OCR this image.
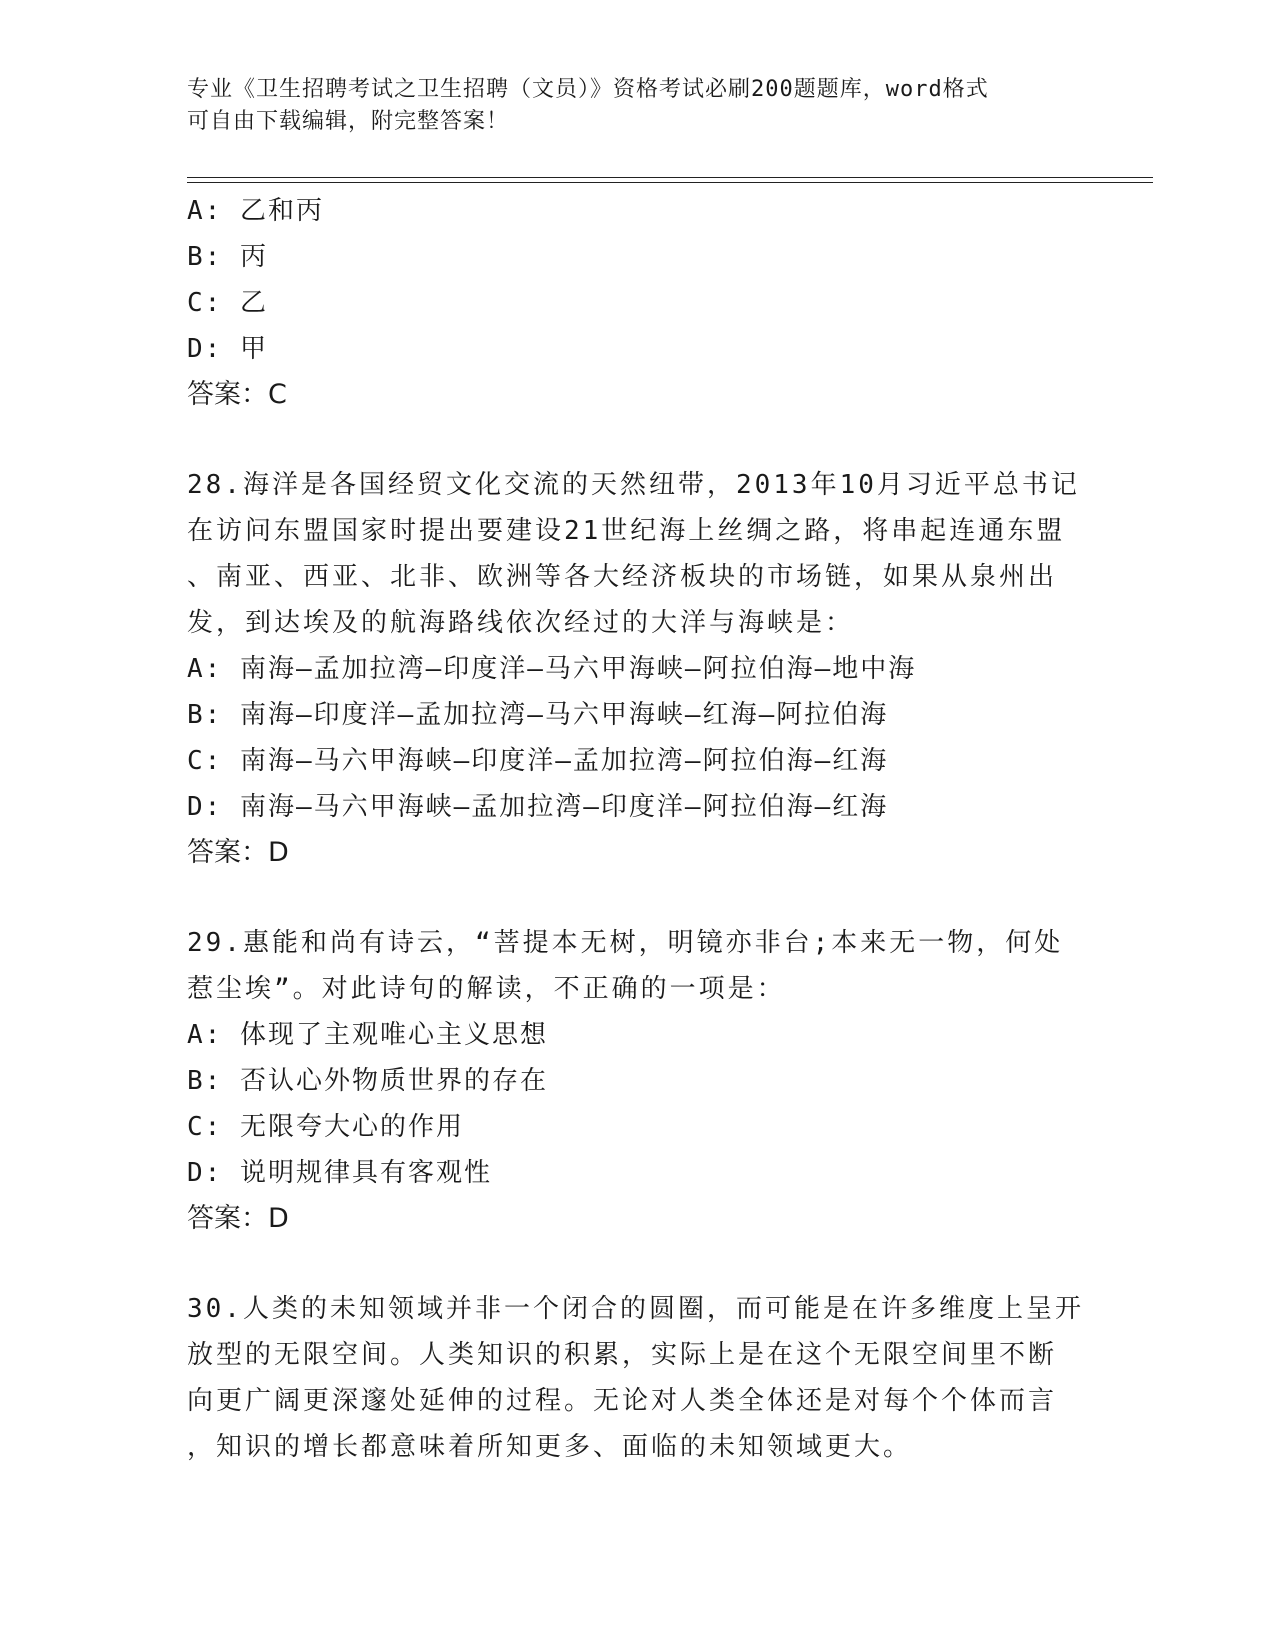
专业《卫生招聘考试之卫生招聘（文员）》资格考试必刷200题题库，word格式
可自由下载编辑，附完整答案！
A: 乙和丙
B: 丙
C: 乙
D: 甲
答案：C
28.海洋是各国经贸文化交流的天然纽带，2013年10月习近平总书记
在访问东盟国家时提出要建设21世纪海上丝绸之路，将串起连通东盟
、南亚、西亚、北非、欧洲等各大经济板块的市场链，如果从泉州出
发，到达埃及的航海路线依次经过的大洋与海峡是：
A: 南海—孟加拉湾—印度洋—马六甲海峡—阿拉伯海—地中海
B: 南海—印度洋—孟加拉湾—马六甲海峡—红海—阿拉伯海
C: 南海—马六甲海峡—印度洋—孟加拉湾—阿拉伯海—红海
D: 南海—马六甲海峡—孟加拉湾—印度洋—阿拉伯海—红海
答案：D
29.惠能和尚有诗云，“菩提本无树，明镜亦非台;本来无一物，何处
惹尘埃”。对此诗句的解读，不正确的一项是：
A: 体现了主观唯心主义思想
B: 否认心外物质世界的存在
C: 无限夸大心的作用
D: 说明规律具有客观性
答案：D
30.人类的未知领域并非一个闭合的圆圈，而可能是在许多维度上呈开
放型的无限空间。人类知识的积累，实际上是在这个无限空间里不断
向更广阔更深邃处延伸的过程。无论对人类全体还是对每个个体而言
，知识的增长都意味着所知更多、面临的未知领域更大。
